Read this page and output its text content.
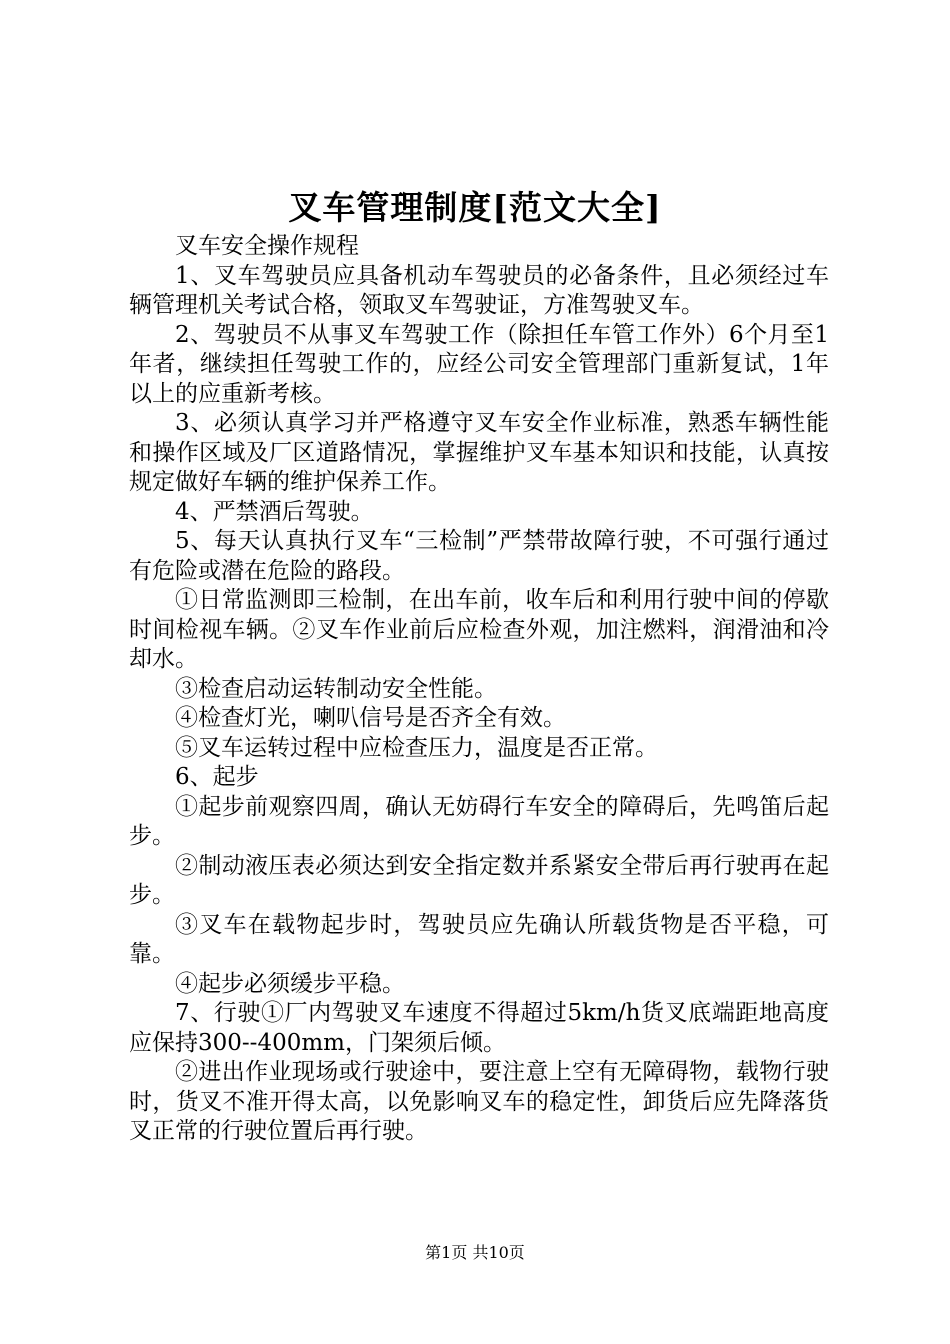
叉车管理制度[范文大全]

叉车安全操作规程

1、叉车驾驶员应具备机动车驾驶员的必备条件，且必须经过车辆管理机关考试合格，领取叉车驾驶证，方准驾驶叉车。

2、驾驶员不从事叉车驾驶工作（除担任车管工作外）6个月至1年者，继续担任驾驶工作的，应经公司安全管理部门重新复试，1年以上的应重新考核。

3、必须认真学习并严格遵守叉车安全作业标准，熟悉车辆性能和操作区域及厂区道路情况，掌握维护叉车基本知识和技能，认真按规定做好车辆的维护保养工作。

4、严禁酒后驾驶。

5、每天认真执行叉车“三检制”严禁带故障行驶，不可强行通过有危险或潜在危险的路段。

①日常监测即三检制，在出车前，收车后和利用行驶中间的停歇时间检视车辆。②叉车作业前后应检查外观，加注燃料，润滑油和冷却水。

③检查启动运转制动安全性能。

④检查灯光，喇叭信号是否齐全有效。

⑤叉车运转过程中应检查压力，温度是否正常。

6、起步

①起步前观察四周，确认无妨碍行车安全的障碍后，先鸣笛后起步。

②制动液压表必须达到安全指定数并系紧安全带后再行驶再在起步。

③叉车在载物起步时，驾驶员应先确认所载货物是否平稳，可靠。

④起步必须缓步平稳。

7、行驶①厂内驾驶叉车速度不得超过5km/h货叉底端距地高度应保持300--400mm，门架须后倾。

②进出作业现场或行驶途中，要注意上空有无障碍物，载物行驶时，货叉不准开得太高，以免影响叉车的稳定性，卸货后应先降落货叉正常的行驶位置后再行驶。

第1页 共10页
